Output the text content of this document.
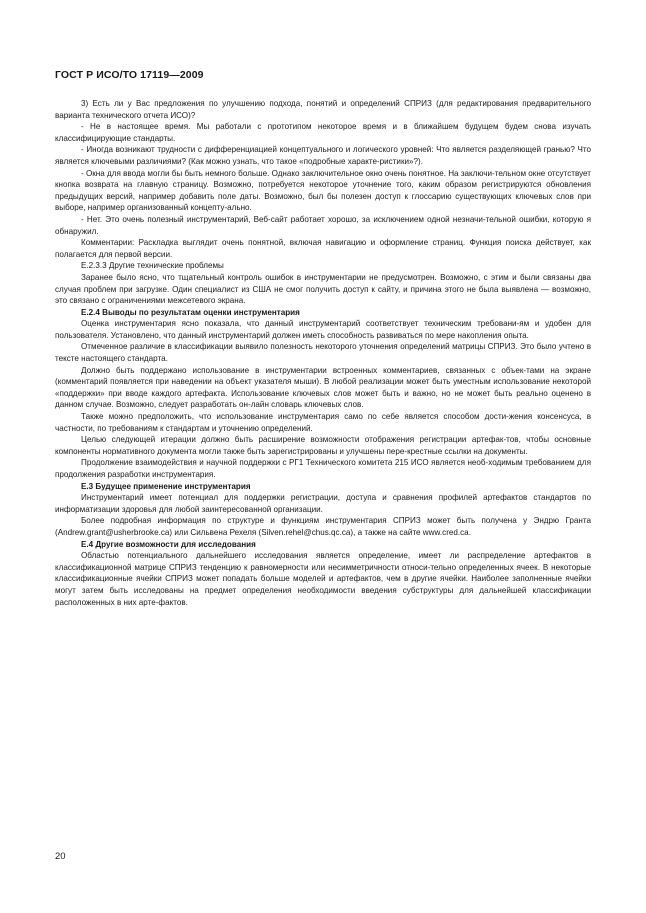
ГОСТ Р ИСО/ТО 17119—2009

3) Есть ли у Вас предложения по улучшению подхода, понятий и определений СПРИЗ (для редактирования предварительного варианта технического отчета ИСО)?

- Не в настоящее время. Мы работали с прототипом некоторое время и в ближайшем будущем будем снова изучать классифицирующие стандарты.

- Иногда возникают трудности с дифференциацией концептуального и логического уровней: Что является разделяющей гранью? Что является ключевыми различиями? (Как можно узнать, что такое «подробные характе-ристики»?).

- Окна для ввода могли бы быть немного больше. Однако заключительное окно очень понятное. На заключи-тельном окне отсутствует кнопка возврата на главную страницу. Возможно, потребуется некоторое уточнение того, каким образом регистрируются обновления предыдущих версий, например добавить поле даты. Возможно, был бы полезен доступ к глоссарию существующих ключевых слов при выборе, например организованный концепту-ально.

- Нет. Это очень полезный инструментарий, Веб-сайт работает хорошо, за исключением одной незначи-тельной ошибки, которую я обнаружил.

Комментарии: Раскладка выглядит очень понятной, включая навигацию и оформление страниц. Функция поиска действует, как полагается для первой версии.

Е.2.3.3 Другие технические проблемы

Заранее было ясно, что тщательный контроль ошибок в инструментарии не предусмотрен. Возможно, с этим и были связаны два случая проблем при загрузке. Один специалист из США не смог получить доступ к сайту, и причина этого не была выявлена — возможно, это связано с ограничениями межсетевого экрана.

Е.2.4 Выводы по результатам оценки инструментария

Оценка инструментария ясно показала, что данный инструментарий соответствует техническим требовани-ям и удобен для пользователя. Установлено, что данный инструментарий должен иметь способность развиваться по мере накопления опыта.

Отмеченное различие в классификации выявило полезность некоторого уточнения определений матрицы СПРИЗ. Это было учтено в тексте настоящего стандарта.

Должно быть поддержано использование в инструментарии встроенных комментариев, связанных с объек-тами на экране (комментарий появляется при наведении на объект указателя мыши). В любой реализации может быть уместным использование некоторой «поддержки» при вводе каждого артефакта. Использование ключевых слов может быть и важно, но не может быть реально оценено в данном случае. Возможно, следует разработать он-лайн словарь ключевых слов.

Также можно предположить, что использование инструментария само по себе является способом дости-жения консенсуса, в частности, по требованиям к стандартам и уточнению определений.

Целью следующей итерации должно быть расширение возможности отображения регистрации артефак-тов, чтобы основные компоненты нормативного документа могли также быть зарегистрированы и улучшены пере-крестные ссылки на документы.

Продолжение взаимодействия и научной поддержки с РГ1 Технического комитета 215 ИСО является необ-ходимым требованием для продолжения разработки инструментария.

Е.3 Будущее применение инструментария

Инструментарий имеет потенциал для поддержки регистрации, доступа и сравнения профилей артефактов стандартов по информатизации здоровья для любой заинтересованной организации.

Более подробная информация по структуре и функциям инструментария СПРИЗ может быть получена у Эндрю Гранта (Andrew.grant@usherbrooke.ca) или Сильвена Рехеля (Silven.rehel@chus.qc.ca), а также на сайте www.cred.ca.

Е.4 Другие возможности для исследования

Областью потенциального дальнейшего исследования является определение, имеет ли распределение артефактов в классификационной матрице СПРИЗ тенденцию к равномерности или несимметричности относи-тельно определенных ячеек. В некоторые классификационные ячейки СПРИЗ может попадать больше моделей и артефактов, чем в другие ячейки. Наиболее заполненные ячейки могут затем быть исследованы на предмет определения необходимости введения субструктуры для дальнейшей классификации расположенных в них арте-фактов.

20
